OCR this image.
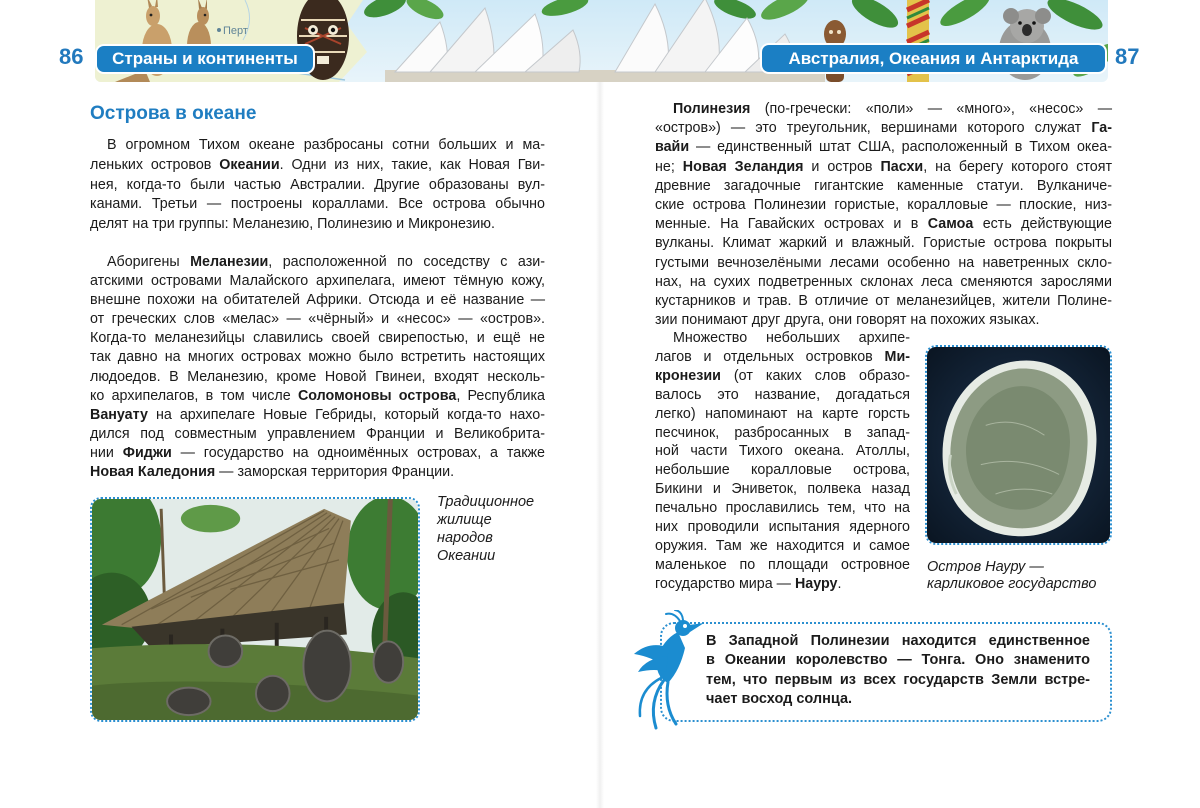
Перт
86	87
Страны и континенты	Австралия, Океания и Антарктида
Острова в океане
В огромном Тихом океане разбросаны сотни больших и ма-
леньких островов Океании. Одни из них, такие, как Новая Гви-
нея, когда-то были частью Австралии. Другие образованы вул-
канами. Третьи — построены кораллами. Все острова обычно
делят на три группы: Меланезию, Полинезию и Микронезию.
Аборигены Меланезии, расположенной по соседству с ази-
атскими островами Малайского архипелага, имеют тёмную кожу,
внешне похожи на обитателей Африки. Отсюда и её название —
от греческих слов «мелас» — «чёрный» и «несос» — «остров».
Когда-то меланезийцы славились своей свирепостью, и ещё не
так давно на многих островах можно было встретить настоящих
людоедов. В Меланезию, кроме Новой Гвинеи, входят несколь-
ко архипелагов, в том числе Соломоновы острова, Республика
Вануату на архипелаге Новые Гебриды, который когда-то нахо-
дился под совместным управлением Франции и Великобрита-
нии Фиджи — государство на одноимённых островах, а также
Новая Каледония — заморская территория Франции.
Традиционное
жилище
народов
Океании
Полинезия (по-гречески: «поли» — «много», «несос» —
«остров») — это треугольник, вершинами которого служат Га-
вайи — единственный штат США, расположенный в Тихом океа-
не; Новая Зеландия и остров Пасхи, на берегу которого стоят
древние загадочные гигантские каменные статуи. Вулканиче-
ские острова Полинезии гористые, коралловые — плоские, низ-
менные. На Гавайских островах и в Самоа есть действующие
вулканы. Климат жаркий и влажный. Гористые острова покрыты
густыми вечнозелёными лесами особенно на наветренных скло-
нах, на сухих подветренных склонах леса сменяются зарослями
кустарников и трав. В отличие от меланезийцев, жители Полине-
зии понимают друг друга, они говорят на похожих языках.
Множество небольших архипе-
лагов и отдельных островков Ми-
кронезии (от каких слов образо-
валось это название, догадаться
легко) напоминают на карте горсть
песчинок, разбросанных в запад-
ной части Тихого океана. Атоллы,
небольшие коралловые острова,
Бикини и Эниветок, полвека назад
печально прославились тем, что на
них проводили испытания ядерного
оружия. Там же находится и самое
маленькое по площади островное
государство мира — Науру.
Остров Науру —
карликовое государство
В Западной Полинезии находится единственное
в Океании королевство — Тонга. Оно знаменито
тем, что первым из всех государств Земли встре-
чает восход солнца.
